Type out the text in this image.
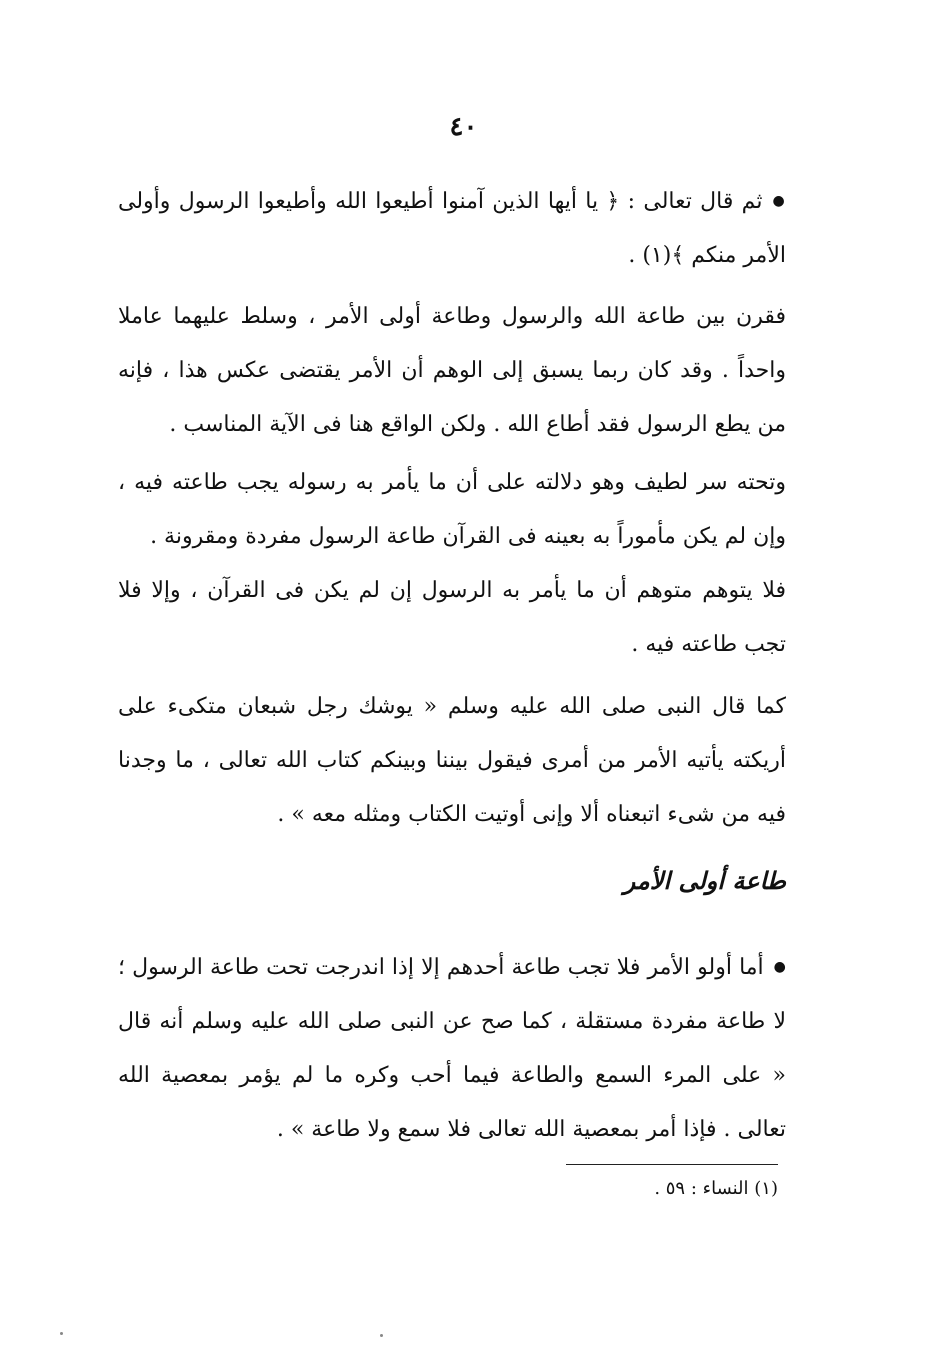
٤٠

●ثم قال تعالى : ﴿ يا أيها الذين آمنوا أطيعوا الله وأطيعوا الرسول وأولى الأمر منكم ﴾(١) .

فقرن بين طاعة الله والرسول وطاعة أولى الأمر ، وسلط عليهما عاملا واحداً . وقد كان ربما يسبق إلى الوهم أن الأمر يقتضى عكس هذا ، فإنه من يطع الرسول فقد أطاع الله . ولكن الواقع هنا فى الآية المناسب .

وتحته سر لطيف وهو دلالته على أن ما يأمر به رسوله يجب طاعته فيه ، وإن لم يكن مأموراً به بعينه فى القرآن طاعة الرسول مفردة ومقرونة .

فلا يتوهم متوهم أن ما يأمر به الرسول إن لم يكن فى القرآن ، وإلا فلا تجب طاعته فيه .

كما قال النبى صلى الله عليه وسلم « يوشك رجل شبعان متكىء على أريكته يأتيه الأمر من أمرى فيقول بيننا وبينكم كتاب الله تعالى ، ما وجدنا فيه من شىء اتبعناه ألا وإنى أوتيت الكتاب ومثله معه » .

طاعة أولى الأمر

●أما أولو الأمر فلا تجب طاعة أحدهم إلا إذا اندرجت تحت طاعة الرسول ؛ لا طاعة مفردة مستقلة ، كما صح عن النبى صلى الله عليه وسلم أنه قال « على المرء السمع والطاعة فيما أحب وكره ما لم يؤمر بمعصية الله تعالى . فإذا أمر بمعصية الله تعالى فلا سمع ولا طاعة » .

(١) النساء : ٥٩ .
